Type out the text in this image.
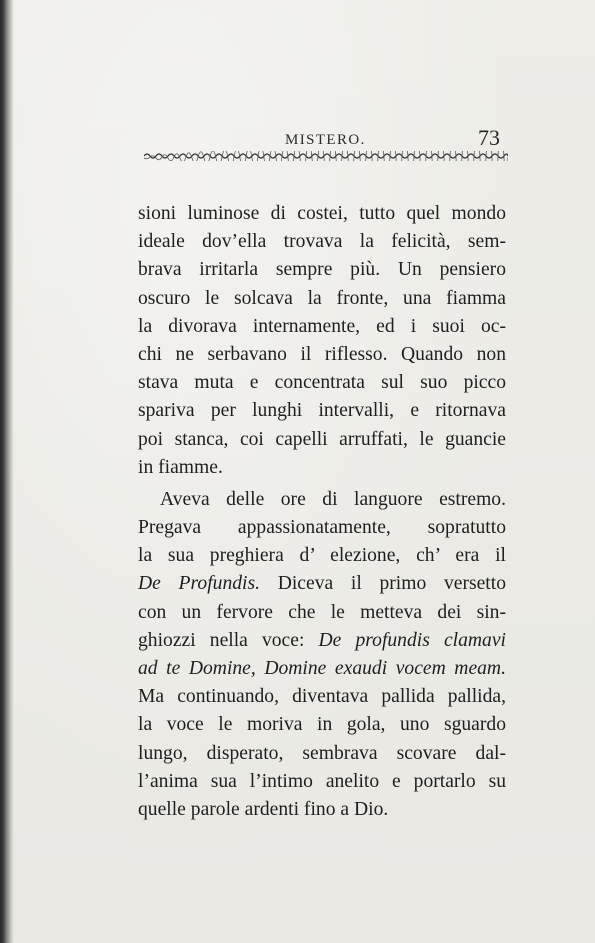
MISTERO.	73
sioni luminose di costei, tutto quel mondo
ideale dov’ella trovava la felicità, sem-
brava irritarla sempre più. Un pensiero
oscuro le solcava la fronte, una fiamma
la divorava internamente, ed i suoi oc-
chi ne serbavano il riflesso. Quando non
stava muta e concentrata sul suo picco
spariva per lunghi intervalli, e ritornava
poi stanca, coi capelli arruffati, le guancie
in fiamme.
Aveva delle ore di languore estremo.
Pregava appassionatamente, sopratutto
la sua preghiera d’ elezione, ch’ era il
De Profundis. Diceva il primo versetto
con un fervore che le metteva dei sin-
ghiozzi nella voce: De profundis clamavi
ad te Domine, Domine exaudi vocem meam.
Ma continuando, diventava pallida pallida,
la voce le moriva in gola, uno sguardo
lungo, disperato, sembrava scovare dal-
l’anima sua l’intimo anelito e portarlo su
quelle parole ardenti fino a Dio.
